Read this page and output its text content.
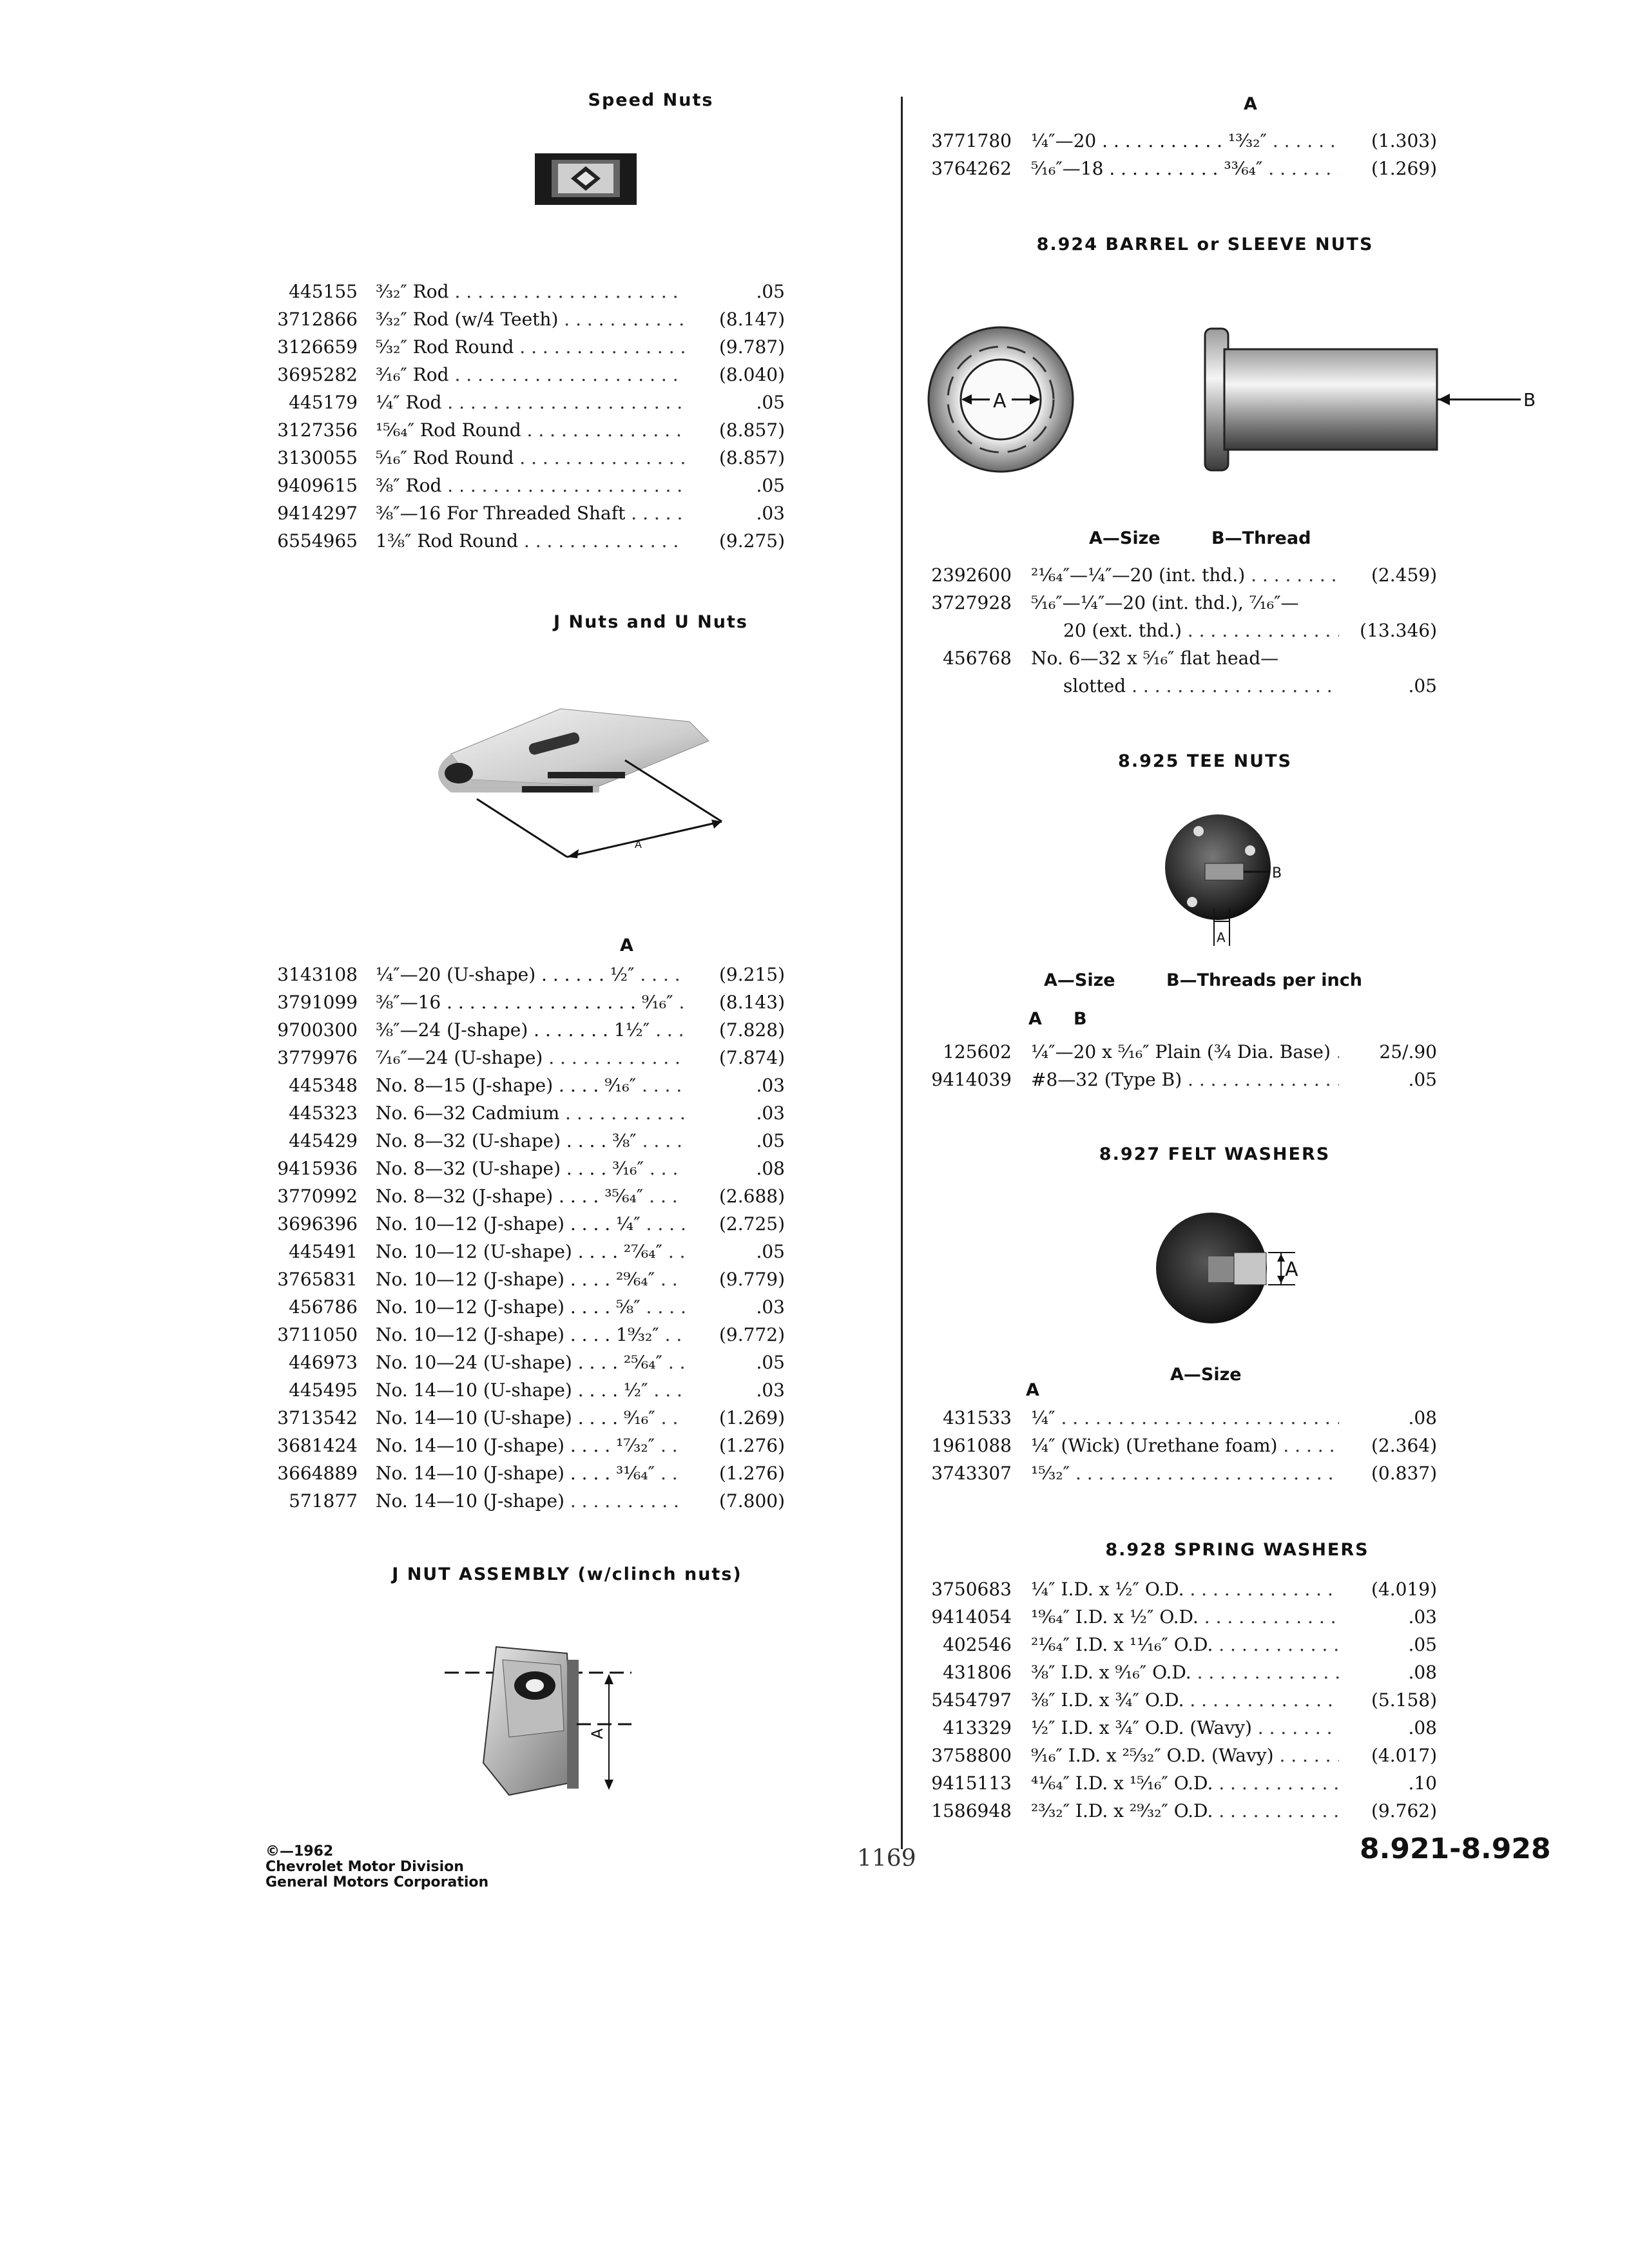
Speed Nuts
445155 ³⁄₃₂″ Rod . . .	.05
3712866 ³⁄₃₂″ Rod (w/4 Teeth) . . .	(8.147)
3126659 ⁵⁄₃₂″ Rod Round . . .	(9.787)
3695282 ³⁄₁₆″ Rod . . .	(8.040)
445179 ¼″ Rod . . .	.05
3127356 ¹⁵⁄₆₄″ Rod Round . . .	(8.857)
3130055 ⁵⁄₁₆″ Rod Round . . .	(8.857)
9409615 ⅜″ Rod . . .	.05
9414297 ⅜″—16 For Threaded Shaft . . .	.03
6554965 1⅜″ Rod Round . . .	(9.275)
J Nuts and U Nuts
A
A
3143108 ¼″—20 (U-shape) . . . . . . ½″ . . .	(9.215)
3791099 ⅜″—16 . . . . . . . . . . . . . . . . . ⁹⁄₁₆″ . . .	(8.143)
9700300 ⅜″—24 (J-shape) . . . . . . . 1½″ . . .	(7.828)
3779976 ⁷⁄₁₆″—24 (U-shape) . . .	(7.874)
445348 No. 8—15 (J-shape) . . . . ⁹⁄₁₆″ . . .	.03
445323 No. 6—32 Cadmium . . .	.03
445429 No. 8—32 (U-shape) . . . . ⅜″ . . .	.05
9415936 No. 8—32 (U-shape) . . . . ³⁄₁₆″ . . .	.08
3770992 No. 8—32 (J-shape) . . . . ³⁵⁄₆₄″ . . .	(2.688)
3696396 No. 10—12 (J-shape) . . . . ¼″ . . .	(2.725)
445491 No. 10—12 (U-shape) . . . . ²⁷⁄₆₄″ . . .	.05
3765831 No. 10—12 (J-shape) . . . . ²⁹⁄₆₄″ . . .	(9.779)
456786 No. 10—12 (J-shape) . . . . ⅝″ . . .	.03
3711050 No. 10—12 (J-shape) . . . . 1⁹⁄₃₂″ . . .	(9.772)
446973 No. 10—24 (U-shape) . . . . ²⁵⁄₆₄″ . . .	.05
445495 No. 14—10 (U-shape) . . . . ½″ . . .	.03
3713542 No. 14—10 (U-shape) . . . . ⁹⁄₁₆″ . . .	(1.269)
3681424 No. 14—10 (J-shape) . . . . ¹⁷⁄₃₂″ . . .	(1.276)
3664889 No. 14—10 (J-shape) . . . . ³¹⁄₆₄″ . . .	(1.276)
571877 No. 14—10 (J-shape) . . .	(7.800)
J NUT ASSEMBLY (w/clinch nuts)
A
©—1962
Chevrolet Motor Division
General Motors Corporation
A
3771780 ¼″—20 . . . . . . . . . . . ¹³⁄₃₂″ . . .	(1.303)
3764262 ⁵⁄₁₆″—18 . . . . . . . . . . ³³⁄₆₄″ . . .	(1.269)
8.924 BARREL or SLEEVE NUTS
A	B
A—Size	B—Thread
2392600 ²¹⁄₆₄″—¼″—20 (int. thd.) . . .	(2.459)
3727928 ⁵⁄₁₆″—¼″—20 (int. thd.), ⁷⁄₁₆″—
20 (ext. thd.) . . .	(13.346)
456768 No. 6—32 x ⁵⁄₁₆″ flat head—
slotted . . .	.05
8.925 TEE NUTS
B
A
A—Size	B—Threads per inch
A B
125602 ¼″—20 x ⁵⁄₁₆″ Plain (¾ Dia. Base) . . .	25/.90
9414039 #8—32 (Type B) . . .	.05
8.927 FELT WASHERS
A
A—Size
A
431533 ¼″ . . .	.08
1961088 ¼″ (Wick) (Urethane foam) . . .	(2.364)
3743307 ¹⁵⁄₃₂″ . . .	(0.837)
8.928 SPRING WASHERS
3750683 ¼″ I.D. x ½″ O.D. . . .	(4.019)
9414054 ¹⁹⁄₆₄″ I.D. x ½″ O.D. . . .	.03
402546 ²¹⁄₆₄″ I.D. x ¹¹⁄₁₆″ O.D. . . .	.05
431806 ⅜″ I.D. x ⁹⁄₁₆″ O.D. . . .	.08
5454797 ⅜″ I.D. x ¾″ O.D. . . .	(5.158)
413329 ½″ I.D. x ¾″ O.D. (Wavy) . . .	.08
3758800 ⁹⁄₁₆″ I.D. x ²⁵⁄₃₂″ O.D. (Wavy) . . .	(4.017)
9415113 ⁴¹⁄₆₄″ I.D. x ¹⁵⁄₁₆″ O.D. . . .	.10
1586948 ²³⁄₃₂″ I.D. x ²⁹⁄₃₂″ O.D. . . .	(9.762)
1169	8.921-8.928
